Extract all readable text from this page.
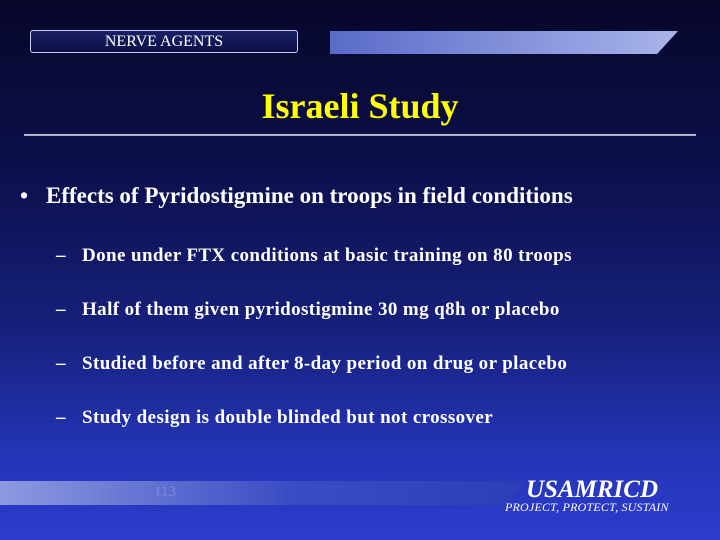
NERVE AGENTS
Israeli Study
• Effects of Pyridostigmine on troops in field conditions
– Done under FTX conditions at basic training on 80 troops
– Half of them given pyridostigmine 30 mg q8h or placebo
– Studied before and after 8-day period on drug or placebo
– Study design is double blinded but not crossover
113	USAMRICD
PROJECT, PROTECT, SUSTAIN
